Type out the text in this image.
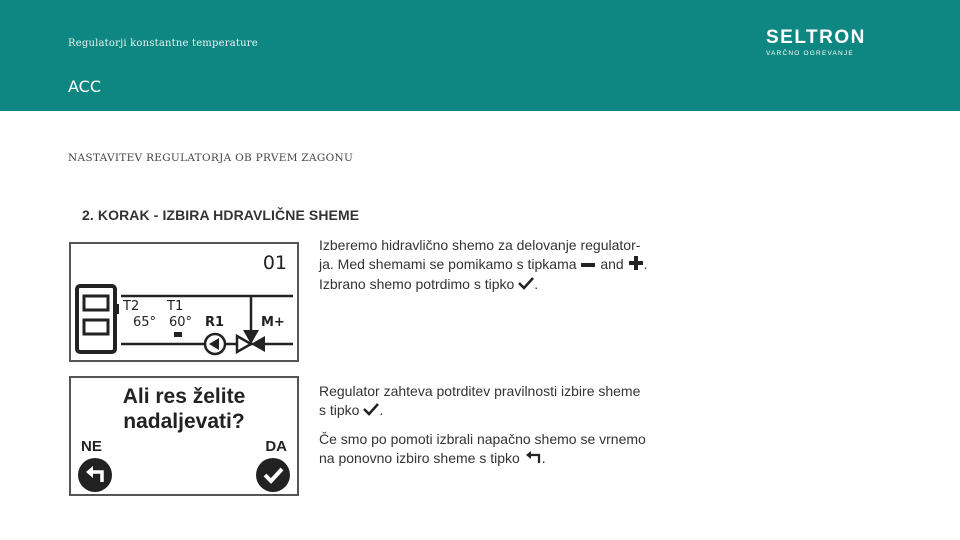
Regulatorji konstantne temperature
ACC
SELTRON
VARČNO OGREVANJE
NASTAVITEV REGULATORJA OB PRVEM ZAGONU
2. KORAK - IZBIRA HDRAVLIČNE SHEME
01
T2
65°
T1
60° R1	M+
Ali res želite
nadaljevati?
NE	DA
Izberemo hidravlično shemo za delovanje regulator-
ja. Med shemami se pomikamo s tipkama and .
Izbrano shemo potrdimo s tipko .
Regulator zahteva potrditev pravilnosti izbire sheme
s tipko .
Če smo po pomoti izbrali napačno shemo se vrnemo
na ponovno izbiro sheme s tipko .
